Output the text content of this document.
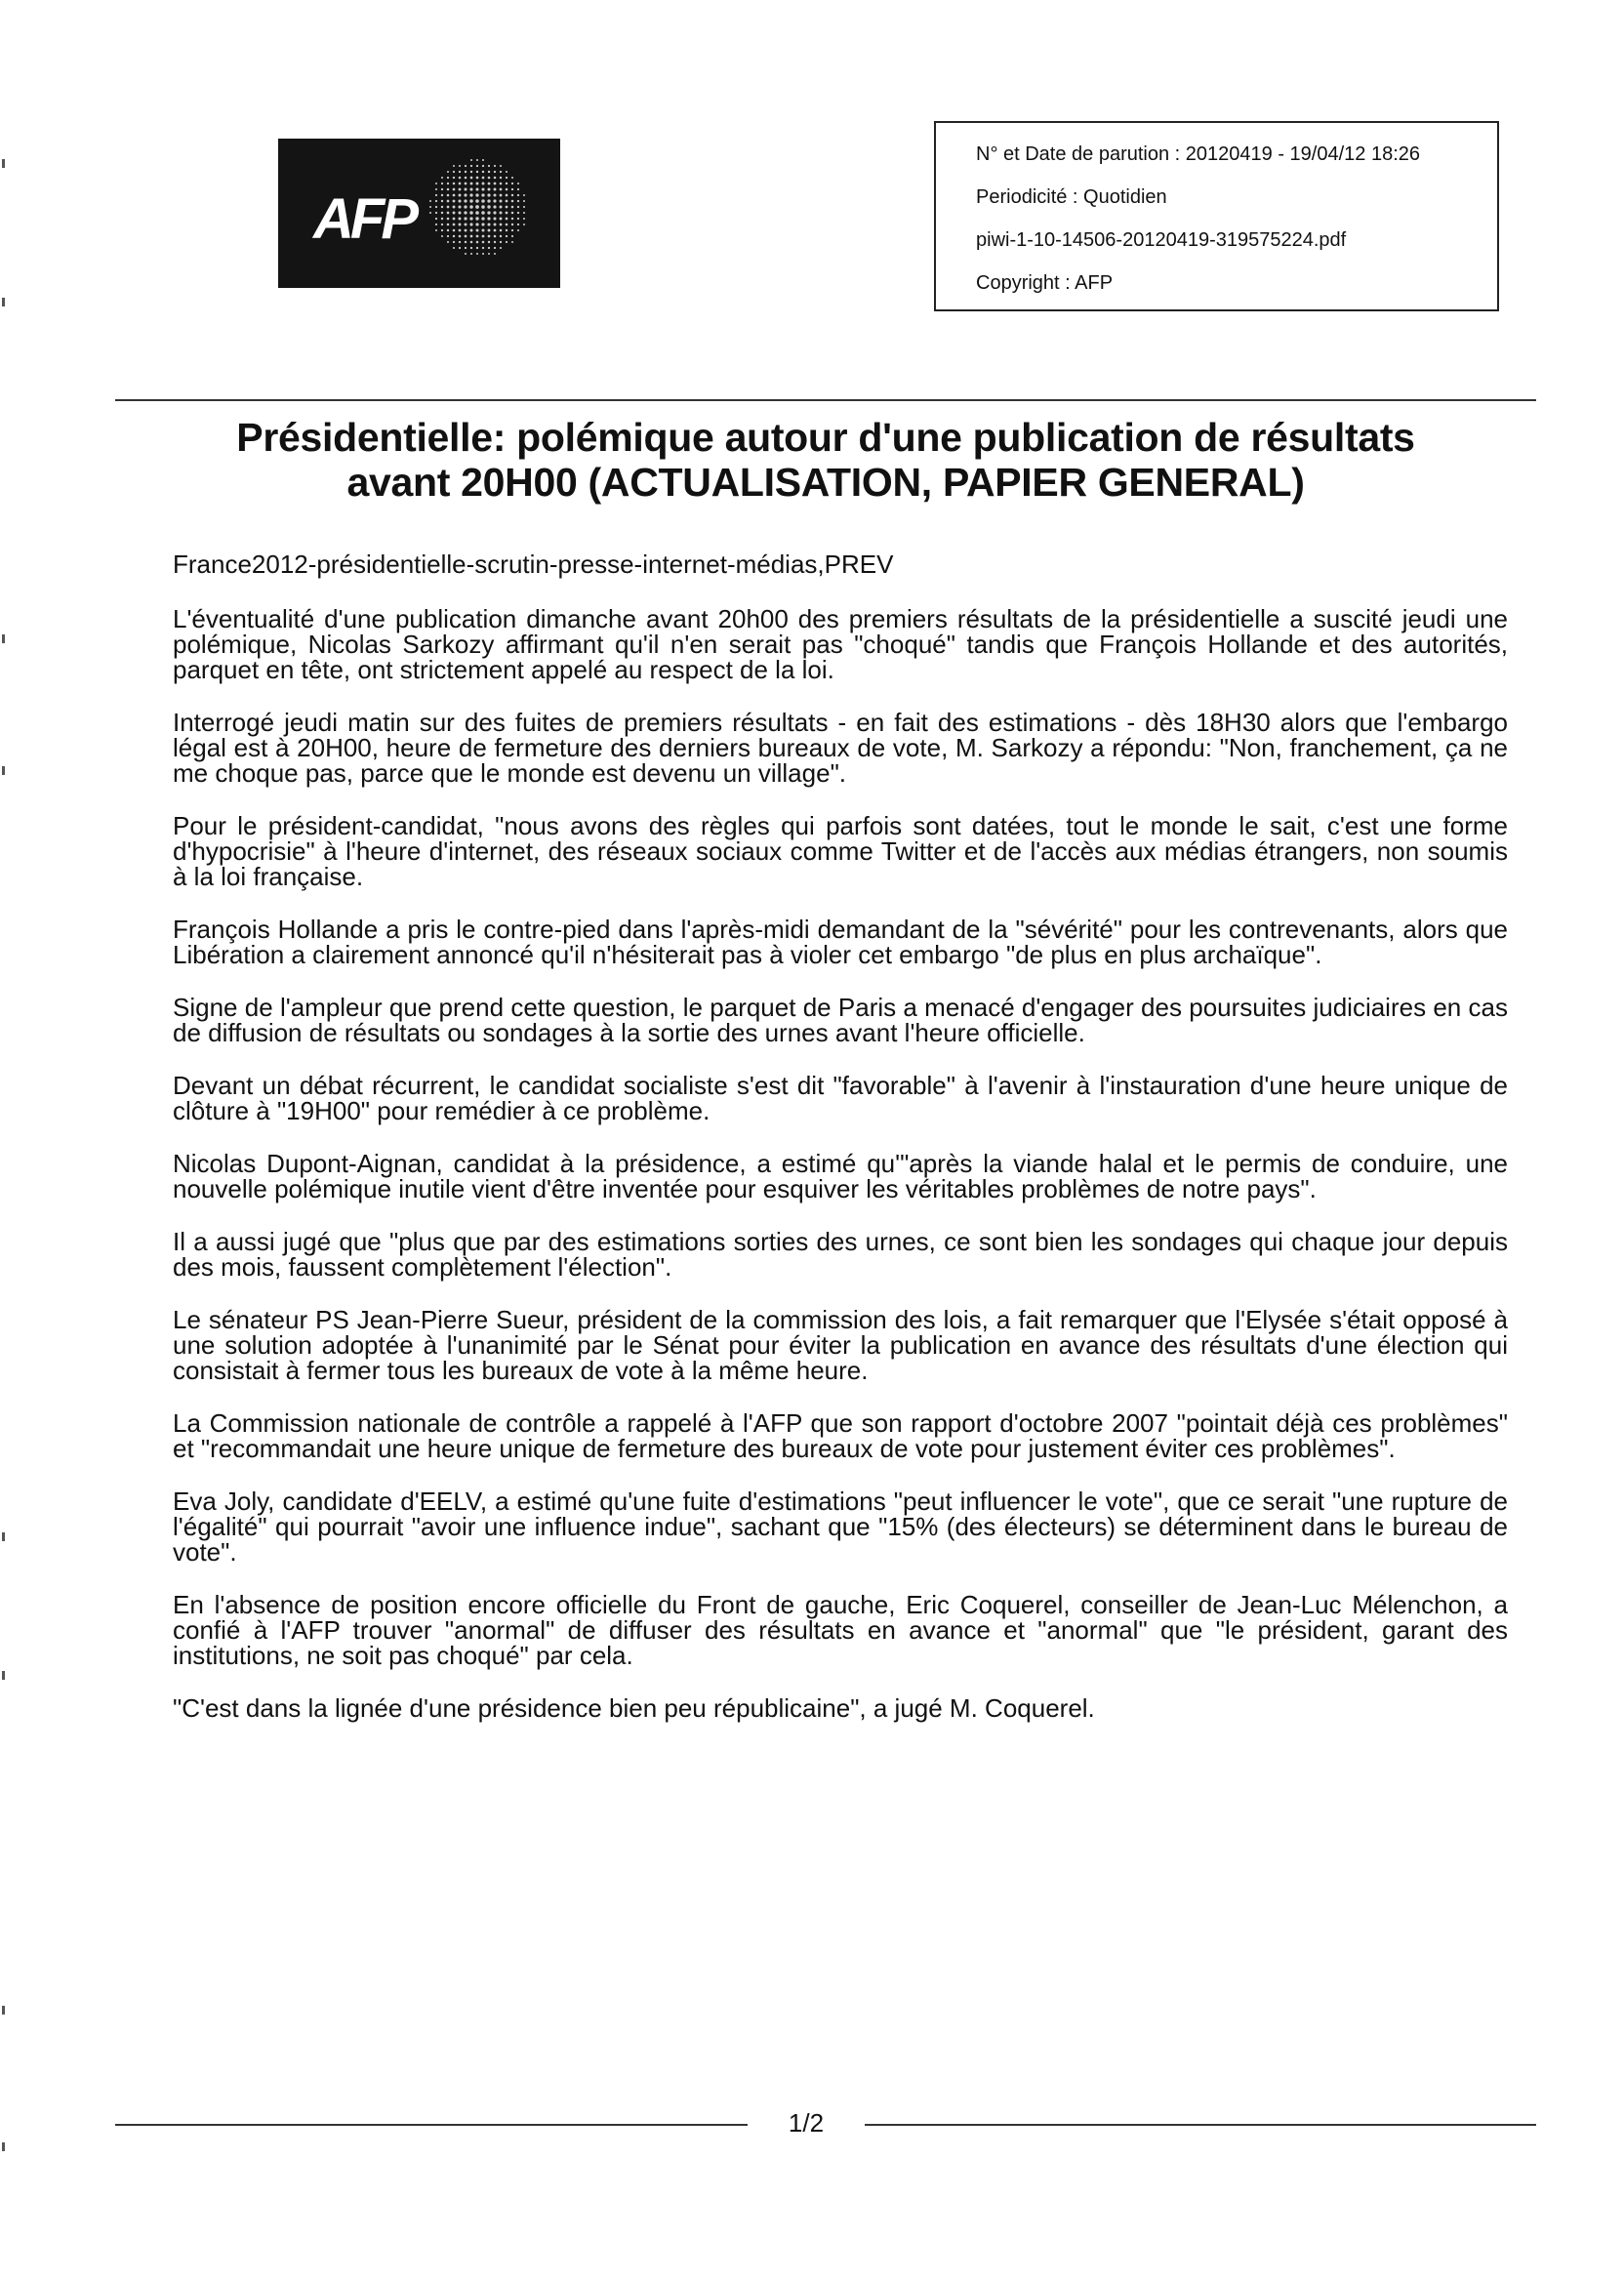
AFP
N° et Date de parution : 20120419 - 19/04/12 18:26
Periodicité : Quotidien
piwi-1-10-14506-20120419-319575224.pdf
Copyright : AFP
Présidentielle: polémique autour d'une publication de résultats
avant 20H00 (ACTUALISATION, PAPIER GENERAL)
France2012-présidentielle-scrutin-presse-internet-médias,PREV

L'éventualité d'une publication dimanche avant 20h00 des premiers résultats de la présidentielle a suscité jeudi une polémique, Nicolas Sarkozy affirmant qu'il n'en serait pas "choqué" tandis que François Hollande et des autorités, parquet en tête, ont strictement appelé au respect de la loi.

Interrogé jeudi matin sur des fuites de premiers résultats - en fait des estimations - dès 18H30 alors que l'embargo légal est à 20H00, heure de fermeture des derniers bureaux de vote, M. Sarkozy a répondu: "Non, franchement, ça ne me choque pas, parce que le monde est devenu un village".

Pour le président-candidat, "nous avons des règles qui parfois sont datées, tout le monde le sait, c'est une forme d'hypocrisie" à l'heure d'internet, des réseaux sociaux comme Twitter et de l'accès aux médias étrangers, non soumis à la loi française.

François Hollande a pris le contre-pied dans l'après-midi demandant de la "sévérité" pour les contrevenants, alors que Libération a clairement annoncé qu'il n'hésiterait pas à violer cet embargo "de plus en plus archaïque".

Signe de l'ampleur que prend cette question, le parquet de Paris a menacé d'engager des poursuites judiciaires en cas de diffusion de résultats ou sondages à la sortie des urnes avant l'heure officielle.

Devant un débat récurrent, le candidat socialiste s'est dit "favorable" à l'avenir à l'instauration d'une heure unique de clôture à "19H00" pour remédier à ce problème.

Nicolas Dupont-Aignan, candidat à la présidence, a estimé qu'"après la viande halal et le permis de conduire, une nouvelle polémique inutile vient d'être inventée pour esquiver les véritables problèmes de notre pays".

Il a aussi jugé que "plus que par des estimations sorties des urnes, ce sont bien les sondages qui chaque jour depuis des mois, faussent complètement l'élection".

Le sénateur PS Jean-Pierre Sueur, président de la commission des lois, a fait remarquer que l'Elysée s'était opposé à une solution adoptée à l'unanimité par le Sénat pour éviter la publication en avance des résultats d'une élection qui consistait à fermer tous les bureaux de vote à la même heure.

La Commission nationale de contrôle a rappelé à l'AFP que son rapport d'octobre 2007 "pointait déjà ces problèmes" et "recommandait une heure unique de fermeture des bureaux de vote pour justement éviter ces problèmes".

Eva Joly, candidate d'EELV, a estimé qu'une fuite d'estimations "peut influencer le vote", que ce serait "une rupture de l'égalité" qui pourrait "avoir une influence indue", sachant que "15% (des électeurs) se déterminent dans le bureau de vote".

En l'absence de position encore officielle du Front de gauche, Eric Coquerel, conseiller de Jean-Luc Mélenchon, a confié à l'AFP trouver "anormal" de diffuser des résultats en avance et "anormal" que "le président, garant des institutions, ne soit pas choqué" par cela.

"C'est dans la lignée d'une présidence bien peu républicaine", a jugé M. Coquerel.

1/2
